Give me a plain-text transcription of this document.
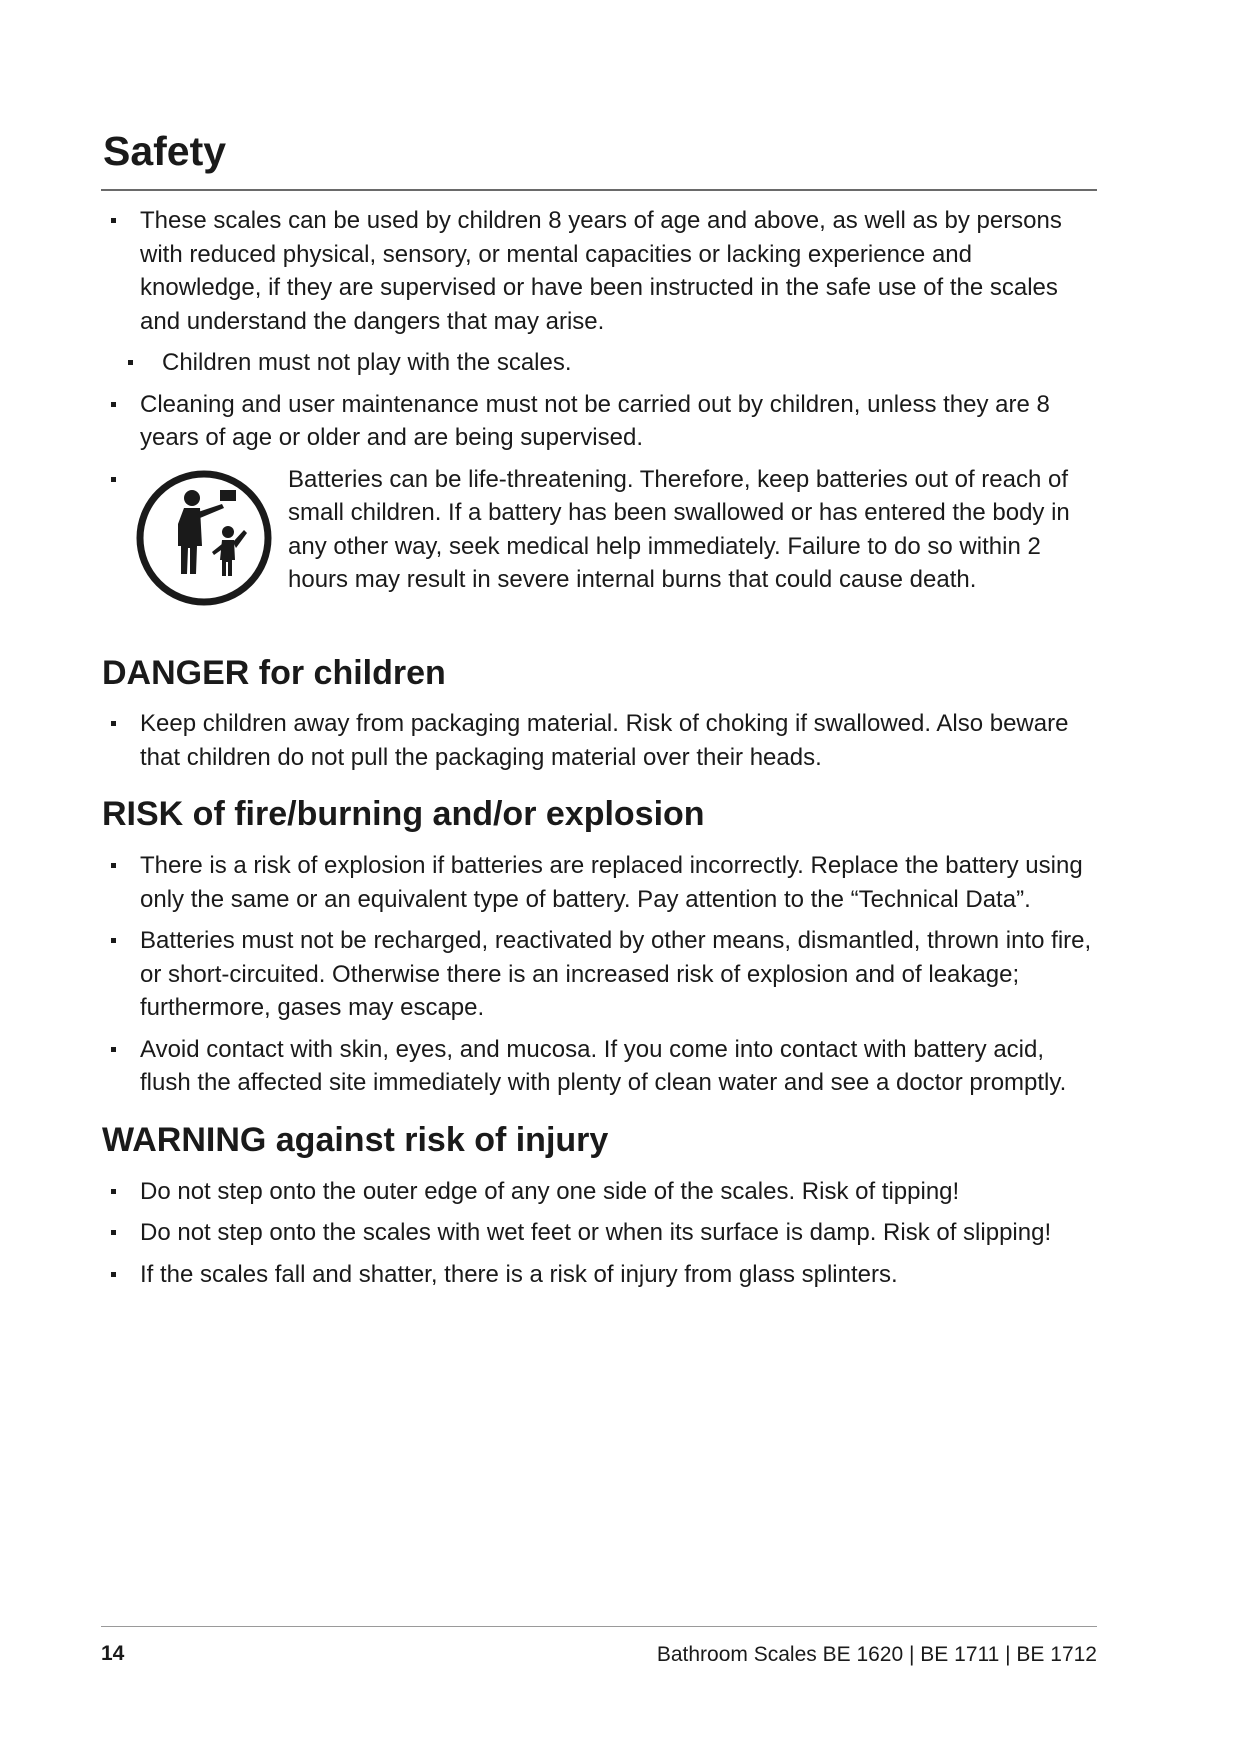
Safety
These scales can be used by children 8 years of age and above, as well as by persons with reduced physical, sensory, or mental capacities or lacking experience and knowledge, if they are supervised or have been instructed in the safe use of the scales and understand the dangers that may arise.
Children must not play with the scales.
Cleaning and user maintenance must not be carried out by children, unless they are 8 years of age or older and are being supervised.
Batteries can be life-threatening. Therefore, keep batteries out of reach of small children. If a battery has been swallowed or has entered the body in any other way, seek medical help immediately. Failure to do so within 2 hours may result in severe internal burns that could cause death.
DANGER for children
Keep children away from packaging material. Risk of choking if swallowed. Also beware that children do not pull the packaging material over their heads.
RISK of fire/burning and/or explosion
There is a risk of explosion if batteries are replaced incorrectly. Replace the battery using only the same or an equivalent type of battery. Pay attention to the “Technical Data”.
Batteries must not be recharged, reactivated by other means, dismantled, thrown into fire, or short-circuited. Otherwise there is an increased risk of explosion and of leakage; furthermore, gases may escape.
Avoid contact with skin, eyes, and mucosa. If you come into contact with battery acid, flush the affected site immediately with plenty of clean water and see a doctor promptly.
WARNING against risk of injury
Do not step onto the outer edge of any one side of the scales. Risk of tipping!
Do not step onto the scales with wet feet or when its surface is damp. Risk of slipping!
If the scales fall and shatter, there is a risk of injury from glass splinters.
14	Bathroom Scales BE 1620 | BE 1711 | BE 1712
